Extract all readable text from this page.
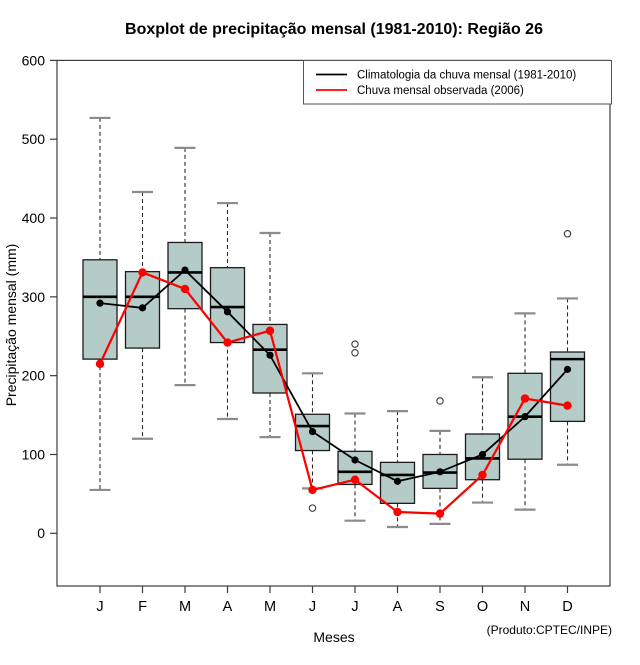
Boxplot de precipitação mensal (1981-2010): Região 26
0
100
200
300
400
500
600
J F M A M J J A S O N D
Precipitação mensal (mm)
Meses	(Produto:CPTEC/INPE)
Climatologia da chuva mensal (1981-2010)
Chuva mensal observada (2006)
